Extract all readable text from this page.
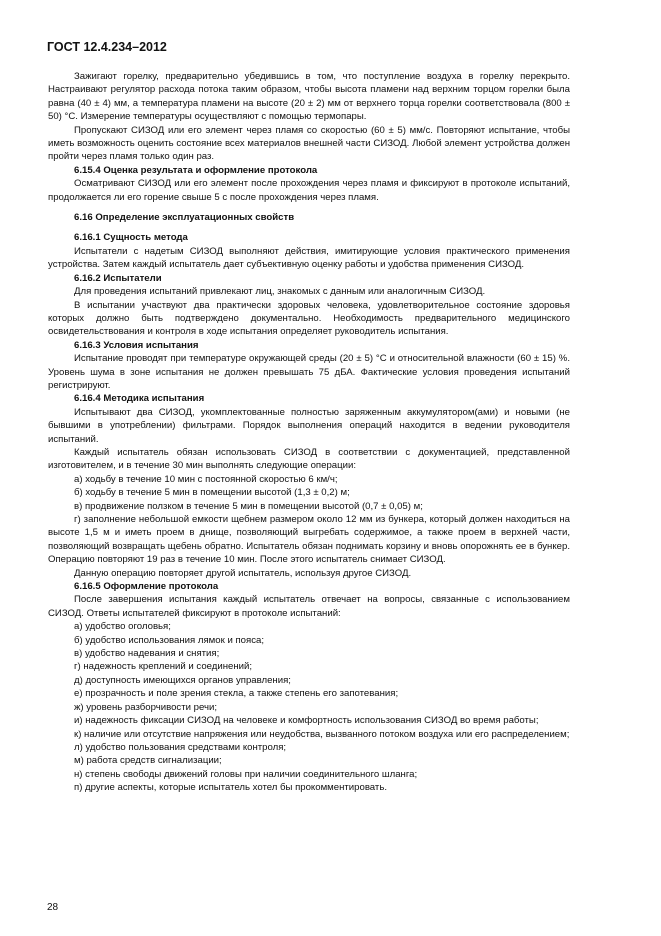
ГОСТ 12.4.234–2012

Зажигают горелку, предварительно убедившись в том, что поступление воздуха в горелку перекрыто. Настраивают регулятор расхода потока таким образом, чтобы высота пламени над верхним торцом горелки была равна (40 ± 4) мм, а температура пламени на высоте (20 ± 2) мм от верхнего торца горелки соответствовала (800 ± 50) °С. Измерение температуры осуществляют с помощью термопары.

Пропускают СИЗОД или его элемент через пламя со скоростью (60 ± 5) мм/с. Повторяют испытание, чтобы иметь возможность оценить состояние всех материалов внешней части СИЗОД. Любой элемент устройства должен пройти через пламя только один раз.

6.15.4 Оценка результата и оформление протокола

Осматривают СИЗОД или его элемент после прохождения через пламя и фиксируют в протоколе испытаний, продолжается ли его горение свыше 5 с после прохождения через пламя.

6.16 Определение эксплуатационных свойств

6.16.1 Сущность метода

Испытатели с надетым СИЗОД выполняют действия, имитирующие условия практического применения устройства. Затем каждый испытатель дает субъективную оценку работы и удобства применения СИЗОД.

6.16.2 Испытатели

Для проведения испытаний привлекают лиц, знакомых с данным или аналогичным СИЗОД.

В испытании участвуют два практически здоровых человека, удовлетворительное состояние здоровья которых должно быть подтверждено документально. Необходимость предварительного медицинского освидетельствования и контроля в ходе испытания определяет руководитель испытания.

6.16.3 Условия испытания

Испытание проводят при температуре окружающей среды (20 ± 5) °С и относительной влажности (60 ± 15) %. Уровень шума в зоне испытания не должен превышать 75 дБА. Фактические условия проведения испытаний регистрируют.

6.16.4 Методика испытания

Испытывают два СИЗОД, укомплектованные полностью заряженным аккумулятором(ами) и новыми (не бывшими в употреблении) фильтрами. Порядок выполнения операций находится в ведении руководителя испытаний.

Каждый испытатель обязан использовать СИЗОД в соответствии с документацией, представленной изготовителем, и в течение 30 мин выполнять следующие операции:

а) ходьбу в течение 10 мин с постоянной скоростью 6 км/ч;

б) ходьбу в течение 5 мин в помещении высотой (1,3 ± 0,2) м;

в) продвижение ползком в течение 5 мин в помещении высотой (0,7 ± 0,05) м;

г) заполнение небольшой емкости щебнем размером около 12 мм из бункера, который должен находиться на высоте 1,5 м и иметь проем в днище, позволяющий выгребать содержимое, а также проем в верхней части, позволяющий возвращать щебень обратно. Испытатель обязан поднимать корзину и вновь опорожнять ее в бункер. Операцию повторяют 19 раз в течение 10 мин. После этого испытатель снимает СИЗОД.

Данную операцию повторяет другой испытатель, используя другое СИЗОД.

6.16.5 Оформление протокола

После завершения испытания каждый испытатель отвечает на вопросы, связанные с использованием СИЗОД. Ответы испытателей фиксируют в протоколе испытаний:

а) удобство оголовья;

б) удобство использования лямок и пояса;

в) удобство надевания и снятия;

г) надежность креплений и соединений;

д) доступность имеющихся органов управления;

е) прозрачность и поле зрения стекла, а также степень его запотевания;

ж) уровень разборчивости речи;

и) надежность фиксации СИЗОД на человеке и комфортность использования СИЗОД во время работы;

к) наличие или отсутствие напряжения или неудобства, вызванного потоком воздуха или его распределением;

л) удобство пользования средствами контроля;

м) работа средств сигнализации;

н) степень свободы движений головы при наличии соединительного шланга;

п) другие аспекты, которые испытатель хотел бы прокомментировать.

28
